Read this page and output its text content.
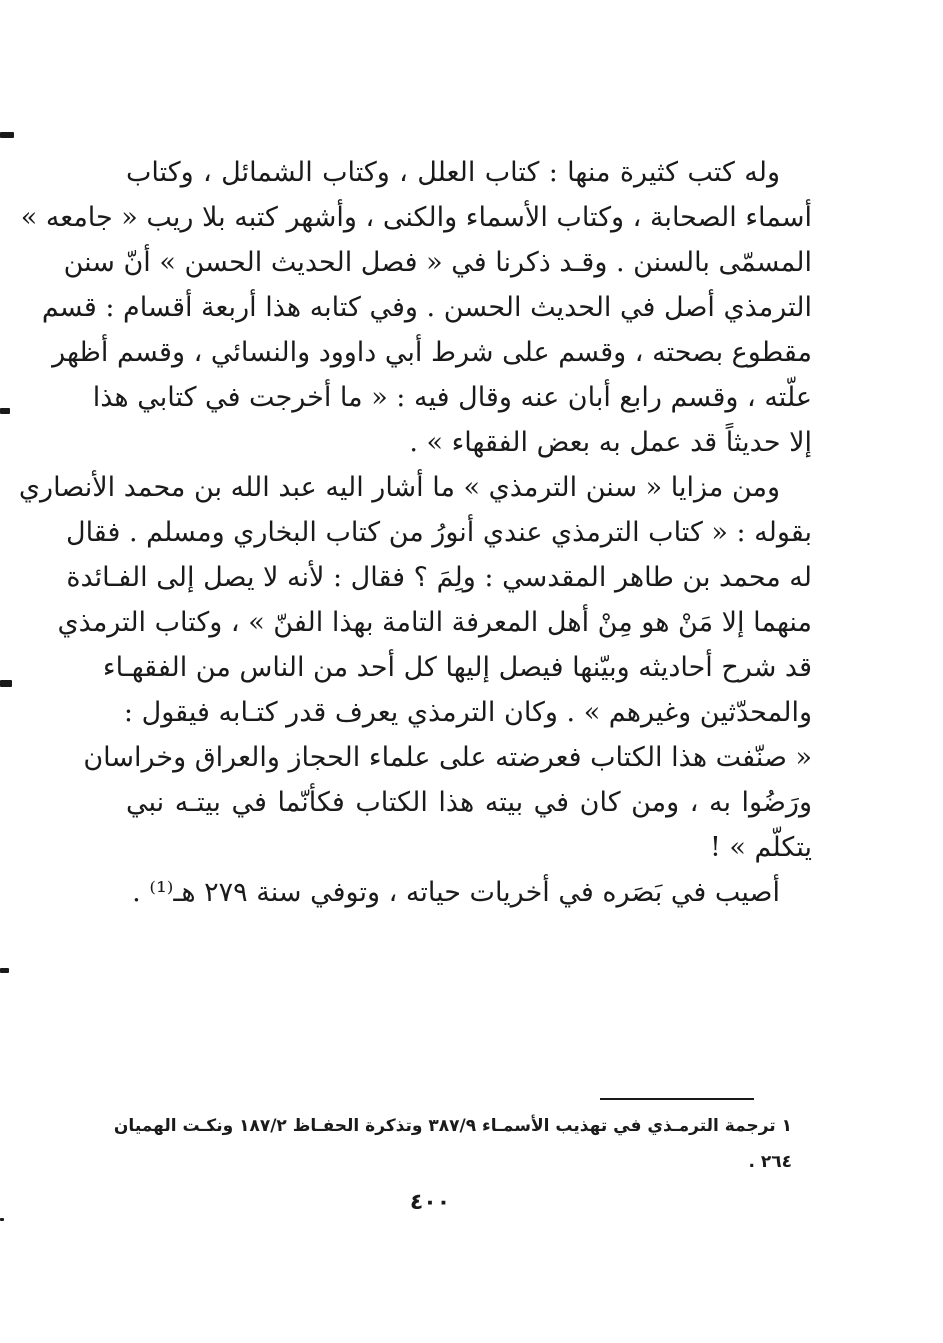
وله كتب كثيرة منها : كتاب العلل ، وكتاب الشمائل ، وكتاب
أسماء الصحابة ، وكتاب الأسماء والكنى ، وأشهر كتبه بلا ريب « جامعه »
المسمّى بالسنن . وقـد ذكرنا في « فصل الحديث الحسن » أنّ سنن
الترمذي أصل في الحديث الحسن . وفي كتابه هذا أربعة أقسام : قسم
مقطوع بصحته ، وقسم على شرط أبي داوود والنسائي ، وقسم أظهر
علّته ، وقسم رابع أبان عنه وقال فيه : « ما أخرجت في كتابي هذا
إلا حديثاً قد عمل به بعض الفقهاء » .
ومن مزايا « سنن الترمذي » ما أشار اليه عبد الله بن محمد الأنصاري
بقوله : « كتاب الترمذي عندي أنورُ من كتاب البخاري ومسلم . فقال
له محمد بن طاهر المقدسي : ولِمَ ؟ فقال : لأنه لا يصل إلى الفـائدة
منهما إلا مَنْ هو مِنْ أهل المعرفة التامة بهذا الفنّ » ، وكتاب الترمذي
قد شرح أحاديثه وبيّنها فيصل إليها كل أحد من الناس من الفقهـاء
والمحدّثين وغيرهم » . وكان الترمذي يعرف قدر كتـابه فيقول :
« صنّفت هذا الكتاب فعرضته على علماء الحجاز والعراق وخراسان
ورَضُوا به ، ومن كان في بيته هذا الكتاب فكأنّما في بيتـه نبي
يتكلّم » !
أصيب في بَصَره في أخريات حياته ، وتوفي سنة ٢٧٩ هـ⁽¹⁾ .
١ ترجمة الترمـذي في تهذيب الأسمـاء ٣٨٧/٩ وتذكرة الحفـاظ ١٨٧/٢ ونكـت الهميان
٢٦٤ .
٤٠٠
